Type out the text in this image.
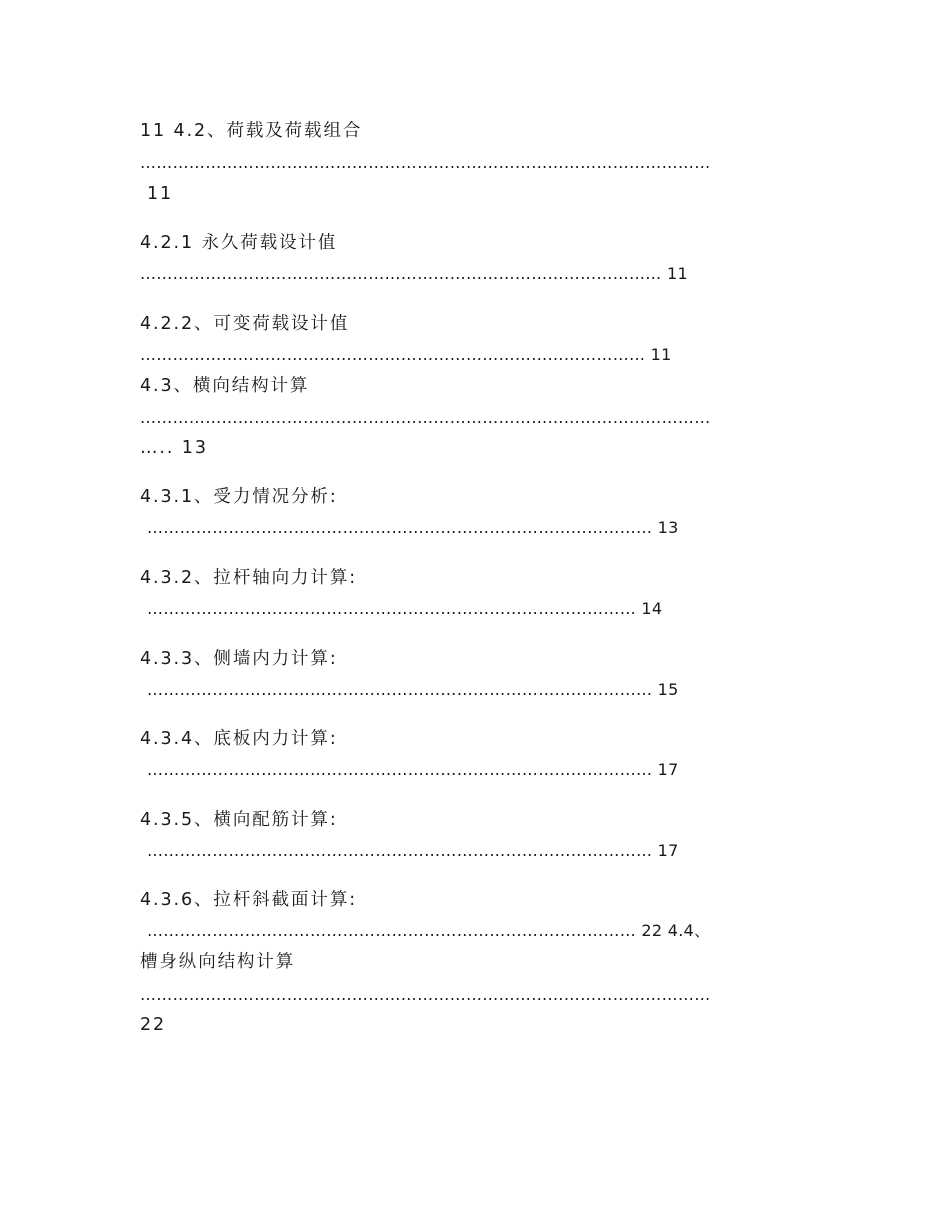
11 4.2、荷载及荷载组合
……………………………………………………………………………………………
11
4.2.1 永久荷载设计值
…………………………………………………………………………………… 11
4.2.2、可变荷载设计值
………………………………………………………………………………… 11
4.3、横向结构计算
……………………………………………………………………………………………
….. 13
4.3.1、受力情况分析:
………………………………………………………………………………… 13
4.3.2、拉杆轴向力计算:
……………………………………………………………………………… 14
4.3.3、侧墙内力计算:
………………………………………………………………………………… 15
4.3.4、底板内力计算:
………………………………………………………………………………… 17
4.3.5、横向配筋计算:
………………………………………………………………………………… 17
4.3.6、拉杆斜截面计算:
……………………………………………………………………………… 22 4.4、
槽身纵向结构计算
……………………………………………………………………………………………
22
